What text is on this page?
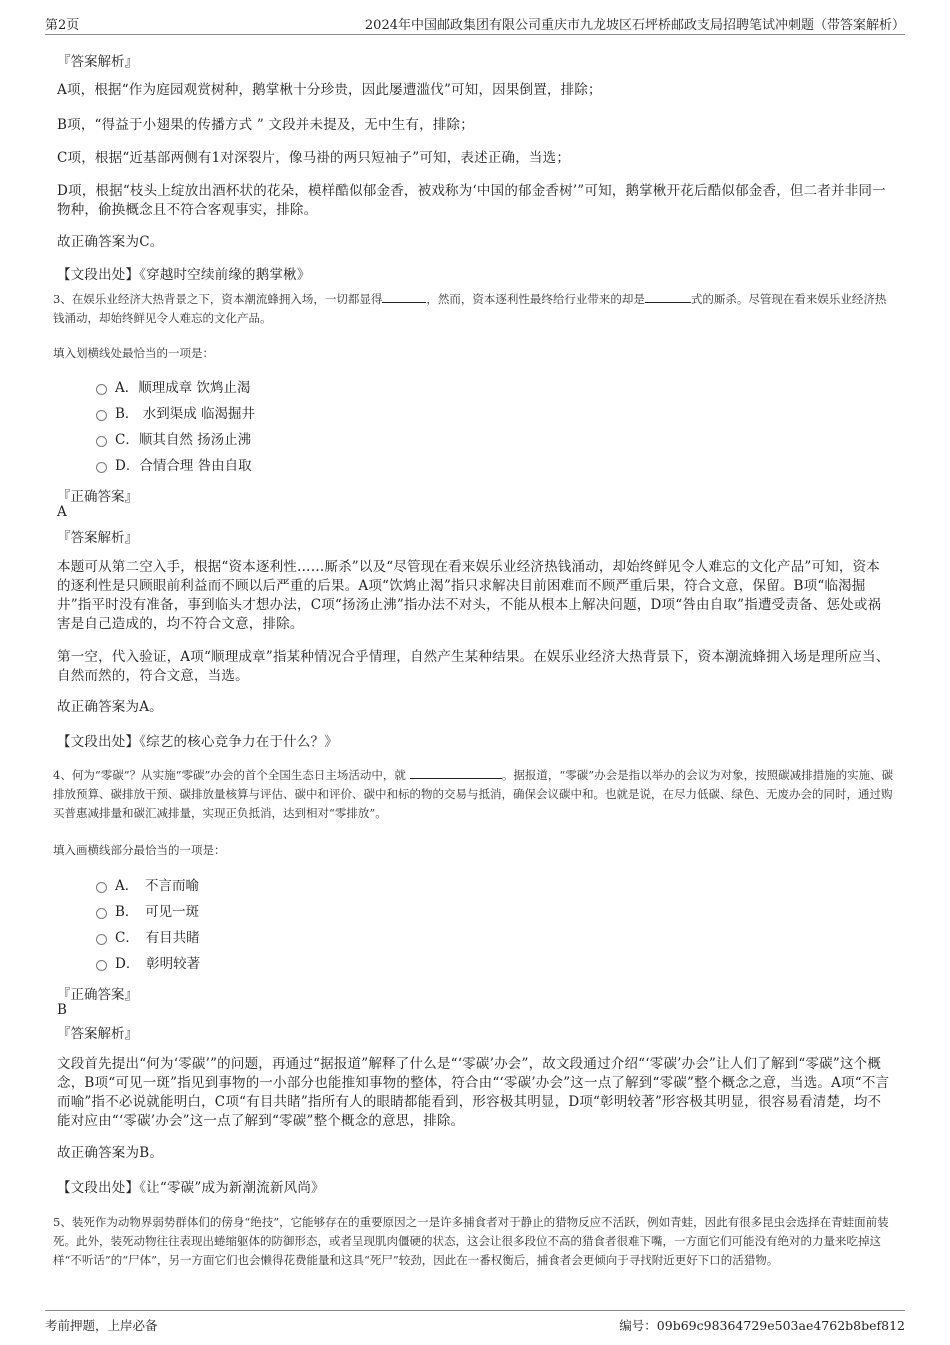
第2页	2024年中国邮政集团有限公司重庆市九龙坡区石坪桥邮政支局招聘笔试冲刺题（带答案解析）
『答案解析』
A项，根据“作为庭园观赏树种，鹅掌楸十分珍贵，因此屡遭滥伐”可知，因果倒置，排除；
B项，“得益于小翅果的传播方式 ” 文段并未提及，无中生有，排除；
C项，根据“近基部两侧有1对深裂片，像马褂的两只短袖子”可知，表述正确，当选；
D项，根据“枝头上绽放出酒杯状的花朵，模样酷似郁金香，被戏称为‘中国的郁金香树’”可知，鹅掌楸开花后酷似郁金香，但二者并非同一物种，偷换概念且不符合客观事实，排除。
故正确答案为C。
【文段出处】《穿越时空续前缘的鹅掌楸》
3、在娱乐业经济大热背景之下，资本潮流蜂拥入场，一切都显得	，然而，资本逐利性最终给行业带来的却是	式的厮杀。尽管现在看来娱乐业经济热钱涌动，却始终鲜见令人难忘的文化产品。
填入划横线处最恰当的一项是：
A．顺理成章 饮鸩止渴
B． 水到渠成 临渴掘井
C．顺其自然 扬汤止沸
D．合情合理 咎由自取
『正确答案』
A
『答案解析』
本题可从第二空入手，根据“资本逐利性……厮杀”以及“尽管现在看来娱乐业经济热钱涌动，却始终鲜见令人难忘的文化产品”可知，资本的逐利性是只顾眼前利益而不顾以后严重的后果。A项“饮鸩止渴”指只求解决目前困难而不顾严重后果，符合文意，保留。B项“临渴掘井”指平时没有准备，事到临头才想办法，C项“扬汤止沸”指办法不对头，不能从根本上解决问题，D项“咎由自取”指遭受责备、惩处或祸害是自己造成的，均不符合文意，排除。
第一空，代入验证，A项“顺理成章”指某种情况合乎情理，自然产生某种结果。在娱乐业经济大热背景下，资本潮流蜂拥入场是理所应当、自然而然的，符合文意，当选。
故正确答案为A。
【文段出处】《综艺的核心竞争力在于什么？》
4、何为“零碳”？从实施“零碳”办会的首个全国生态日主场活动中，就	。据报道，“零碳”办会是指以举办的会议为对象，按照碳减排措施的实施、碳排放预算、碳排放干预、碳排放量核算与评估、碳中和评价、碳中和标的物的交易与抵消，确保会议碳中和。也就是说，在尽力低碳、绿色、无废办会的同时，通过购买普惠减排量和碳汇减排量，实现正负抵消，达到相对“零排放”。
填入画横线部分最恰当的一项是：
A．　不言而喻
B．　可见一斑
C．　有目共睹
D．　彰明较著
『正确答案』
B
『答案解析』
文段首先提出“何为‘零碳’”的问题，再通过“据报道”解释了什么是“‘零碳’办会”，故文段通过介绍“‘零碳’办会”让人们了解到“零碳”这个概念，B项“可见一斑”指见到事物的一小部分也能推知事物的整体，符合由“‘零碳’办会”这一点了解到“零碳”整个概念之意，当选。A项“不言而喻”指不必说就能明白，C项“有目共睹”指所有人的眼睛都能看到，形容极其明显，D项“彰明较著”形容极其明显，很容易看清楚，均不能对应由“‘零碳’办会”这一点了解到“零碳”整个概念的意思，排除。
故正确答案为B。
【文段出处】《让“零碳”成为新潮流新风尚》
5、装死作为动物界弱势群体们的傍身“绝技”，它能够存在的重要原因之一是许多捕食者对于静止的猎物反应不活跃，例如青蛙，因此有很多昆虫会选择在青蛙面前装死。此外，装死动物往往表现出蜷缩躯体的防御形态，或者呈现肌肉僵硬的状态，这会让很多段位不高的猎食者很难下嘴，一方面它们可能没有绝对的力量来吃掉这样“不听话”的“尸体”，另一方面它们也会懒得花费能量和这具“死尸”较劲，因此在一番权衡后，捕食者会更倾向于寻找附近更好下口的活猎物。
考前押题，上岸必备	编号：09b69c98364729e503ae4762b8bef812
